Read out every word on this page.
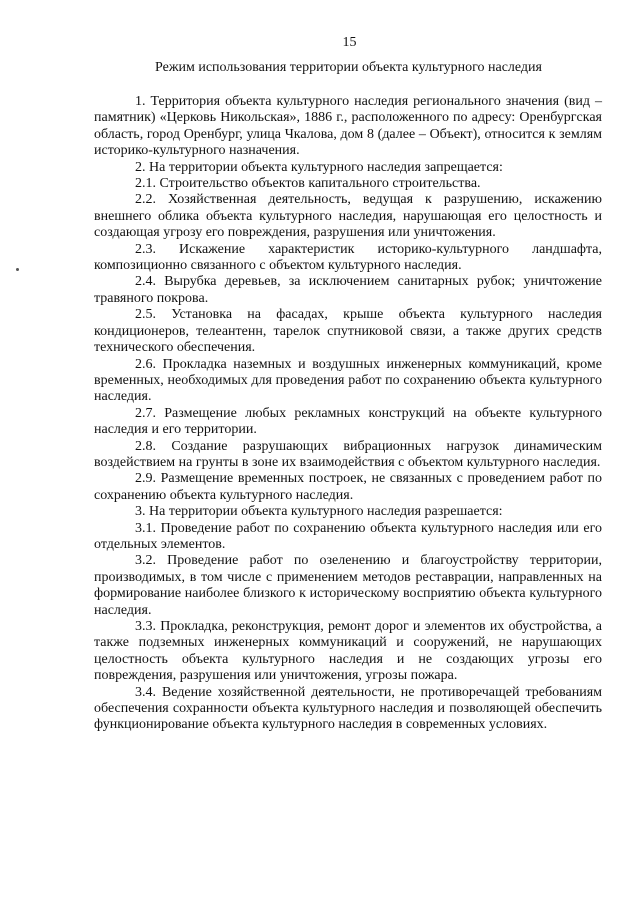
15
Режим использования территории объекта культурного наследия

1. Территория объекта культурного наследия регионального значения (вид – памятник) «Церковь Никольская», 1886 г., расположенного по адресу: Оренбургская область, город Оренбург, улица Чкалова, дом 8 (далее – Объект), относится к землям историко-культурного назначения.

2. На территории объекта культурного наследия запрещается:

2.1. Строительство объектов капитального строительства.

2.2. Хозяйственная деятельность, ведущая к разрушению, искажению внешнего облика объекта культурного наследия, нарушающая его целостность и создающая угрозу его повреждения, разрушения или уничтожения.

2.3. Искажение характеристик историко-культурного ландшафта, композиционно связанного с объектом культурного наследия.

2.4. Вырубка деревьев, за исключением санитарных рубок; уничтожение травяного покрова.

2.5. Установка на фасадах, крыше объекта культурного наследия кондиционеров, телеантенн, тарелок спутниковой связи, а также других средств технического обеспечения.

2.6. Прокладка наземных и воздушных инженерных коммуникаций, кроме временных, необходимых для проведения работ по сохранению объекта культурного наследия.

2.7. Размещение любых рекламных конструкций на объекте культурного наследия и его территории.

2.8. Создание разрушающих вибрационных нагрузок динамическим воздействием на грунты в зоне их взаимодействия с объектом культурного наследия.

2.9. Размещение временных построек, не связанных с проведением работ по сохранению объекта культурного наследия.

3. На территории объекта культурного наследия разрешается:

3.1. Проведение работ по сохранению объекта культурного наследия или его отдельных элементов.

3.2. Проведение работ по озеленению и благоустройству территории, производимых, в том числе с применением методов реставрации, направленных на формирование наиболее близкого к историческому восприятию объекта культурного наследия.

3.3. Прокладка, реконструкция, ремонт дорог и элементов их обустройства, а также подземных инженерных коммуникаций и сооружений, не нарушающих целостность объекта культурного наследия и не создающих угрозы его повреждения, разрушения или уничтожения, угрозы пожара.

3.4. Ведение хозяйственной деятельности, не противоречащей требованиям обеспечения сохранности объекта культурного наследия и позволяющей обеспечить функционирование объекта культурного наследия в современных условиях.
